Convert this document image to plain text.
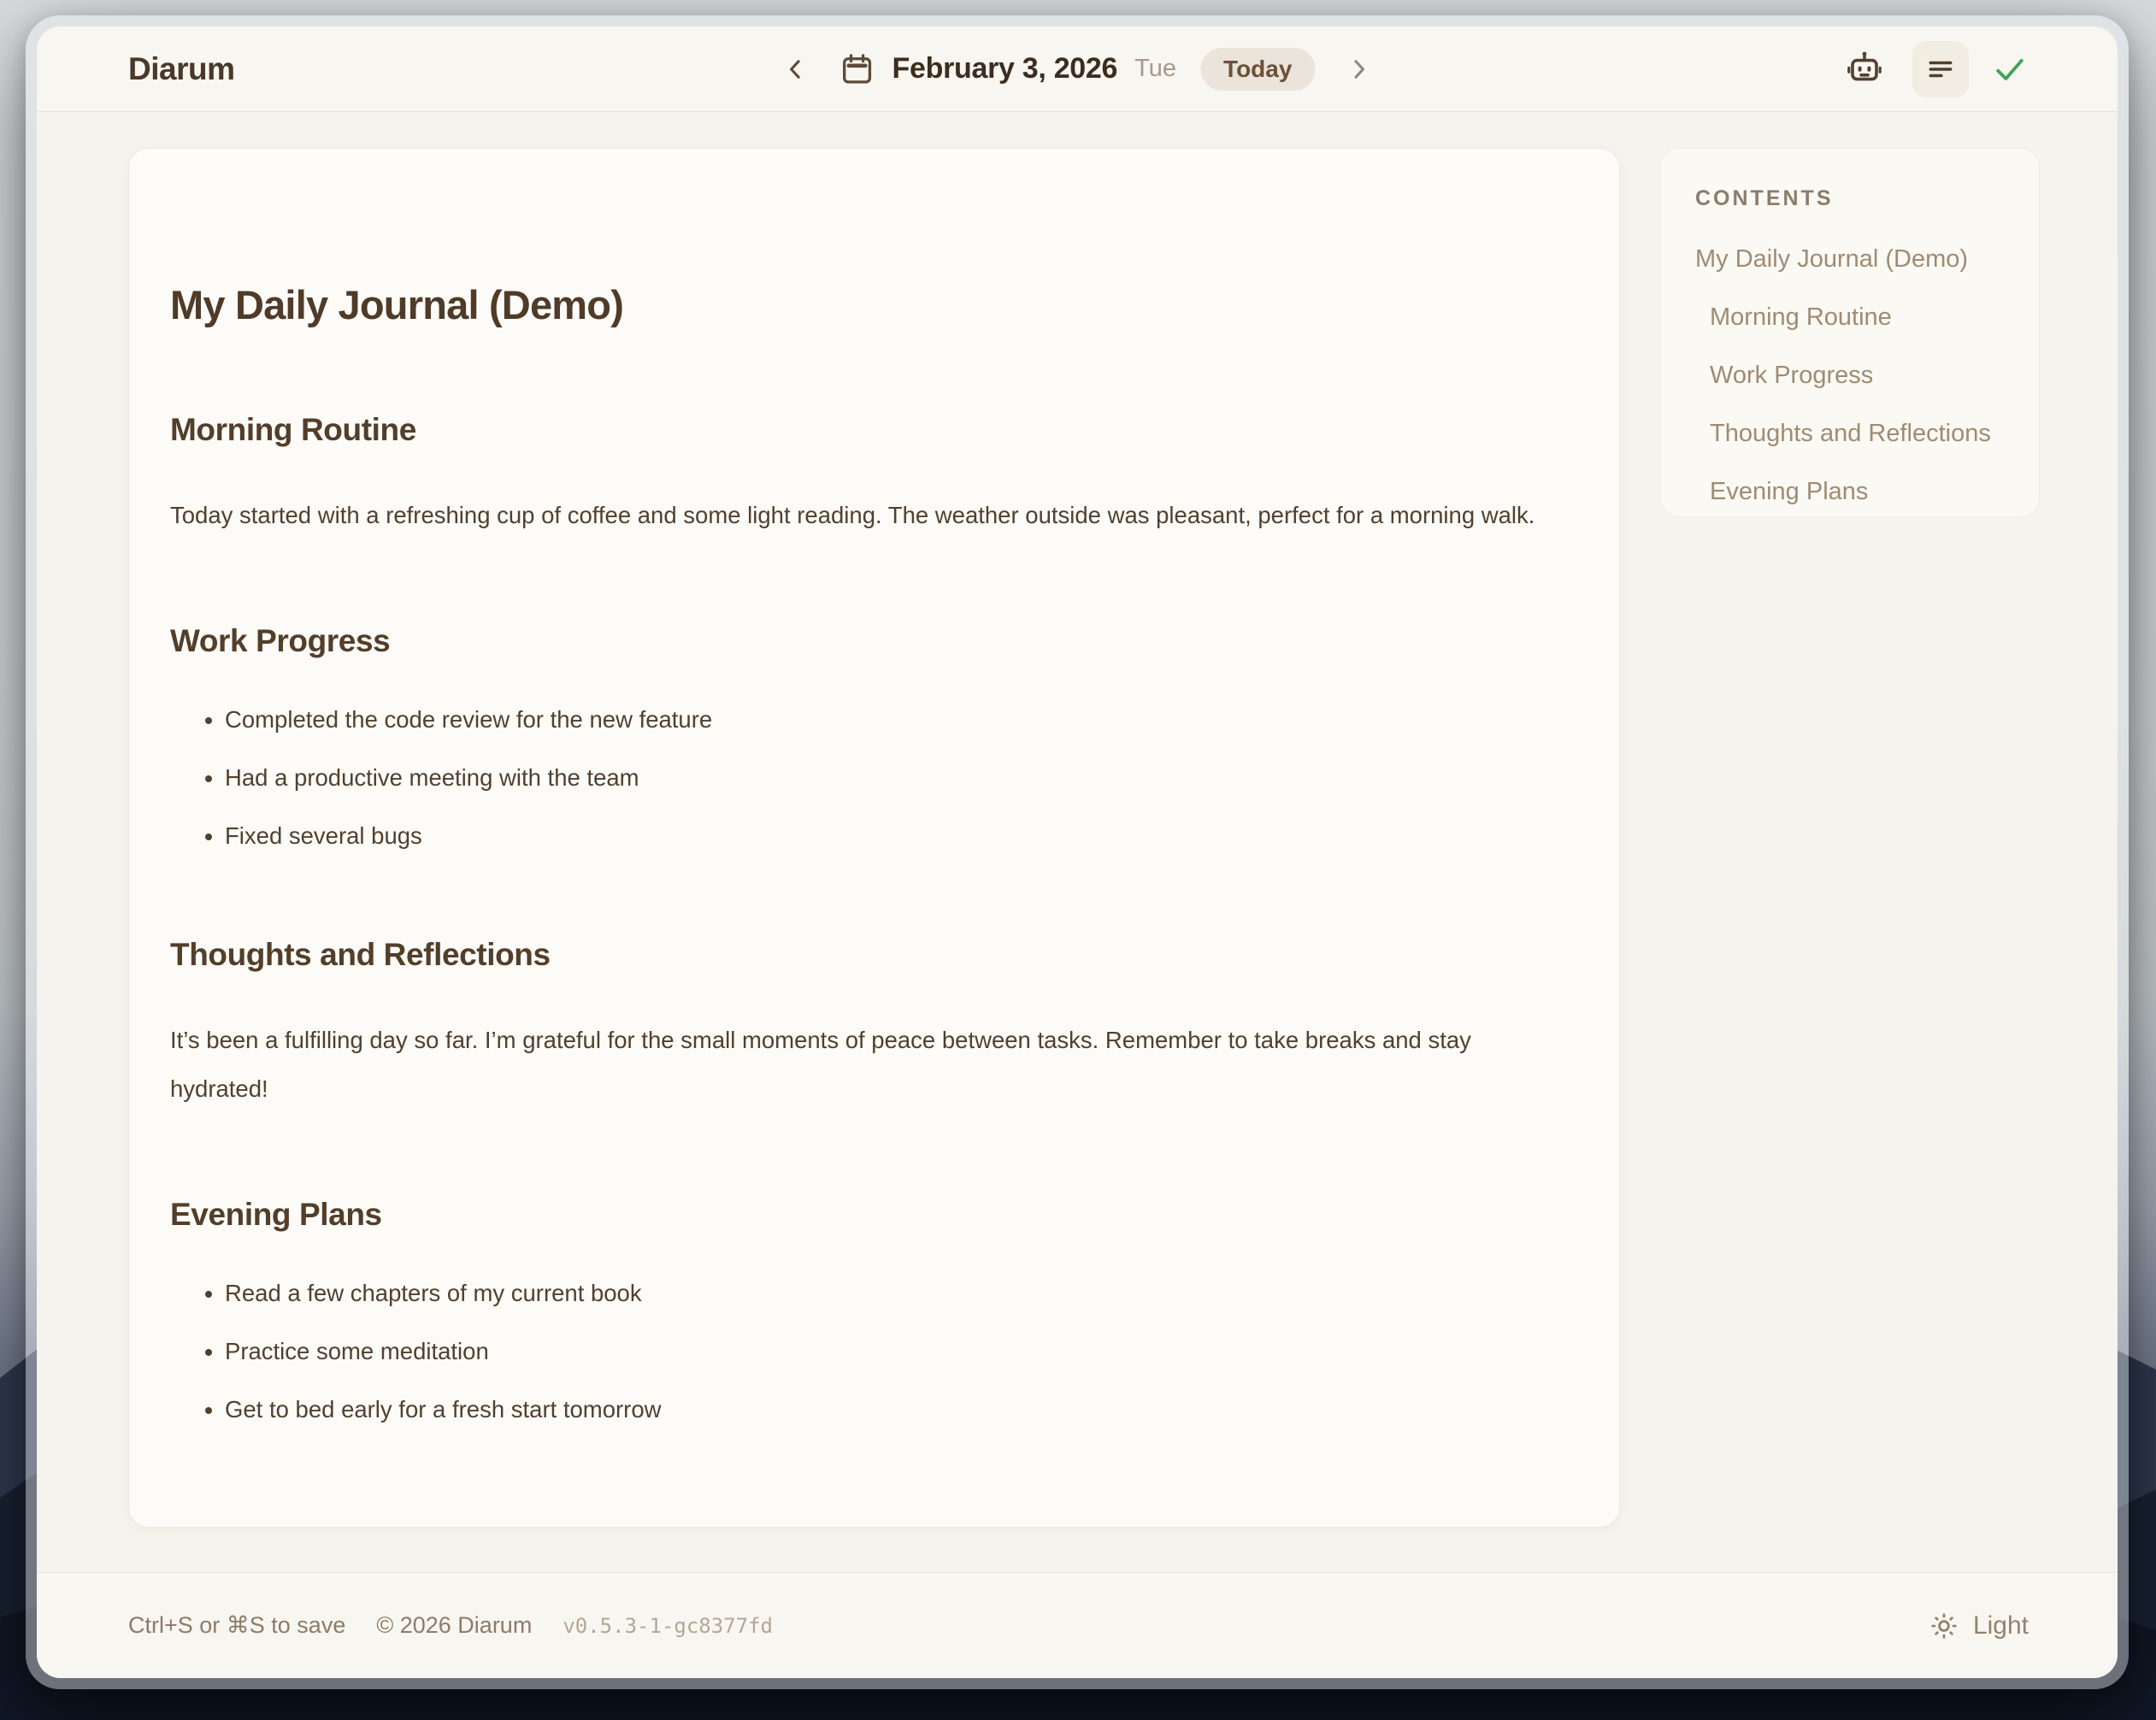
Diarum	February 3, 2026 Tue	Today
My Daily Journal (Demo)
Morning Routine

Today started with a refreshing cup of coffee and some light reading. The weather outside was pleasant, perfect for a morning walk.

Work Progress
• Completed the code review for the new feature
• Had a productive meeting with the team
• Fixed several bugs
Thoughts and Reflections

It’s been a fulfilling day so far. I’m grateful for the small moments of peace between tasks. Remember to take breaks and stay hydrated!

Evening Plans
• Read a few chapters of my current book
• Practice some meditation
• Get to bed early for a fresh start tomorrow
CONTENTS
My Daily Journal (Demo)
Morning Routine
Work Progress
Thoughts and Reflections
Evening Plans
Ctrl+S or ⌘S to save © 2026 Diarum v0.5.3-1-gc8377fd	Light
